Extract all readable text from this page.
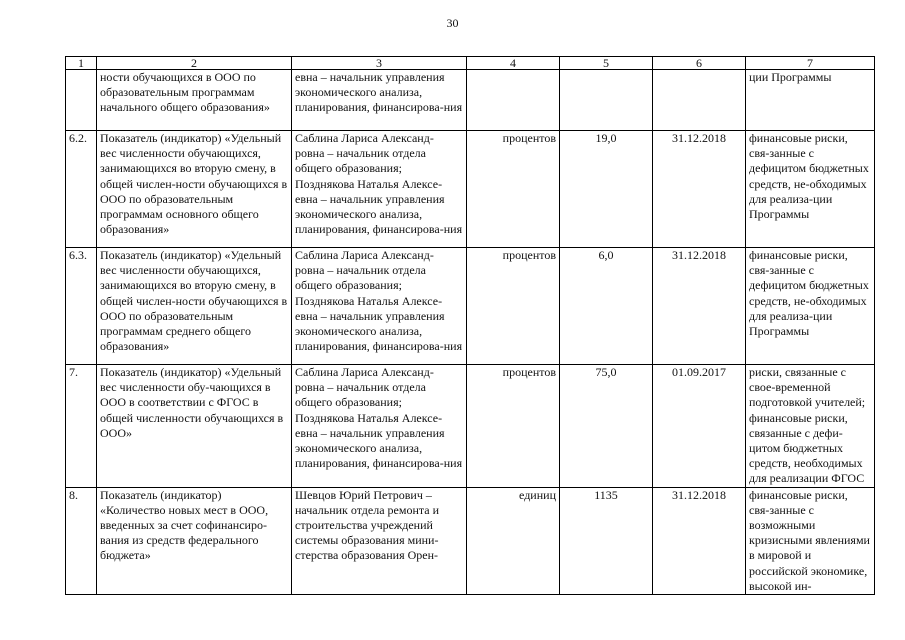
30
1	2	3	4	5	6	7
	ности обучающихся в ООО по образовательным программам начального общего образования»	евна – начальник управления экономического анализа, планирования, финансирова-ния				ции Программы
6.2.	Показатель (индикатор) «Удельный вес численности обучающихся, занимающихся во вторую смену, в общей числен-ности обучающихся в ООО по образовательным программам основного общего образования»	Саблина Лариса Александ-ровна – начальник отдела общего образования; Позднякова Наталья Алексе-евна – начальник управления экономического анализа, планирования, финансирова-ния	процентов	19,0	31.12.2018	финансовые риски, свя-занные с дефицитом бюджетных средств, не-обходимых для реализа-ции Программы
6.3.	Показатель (индикатор) «Удельный вес численности обучающихся, занимающихся во вторую смену, в общей числен-ности обучающихся в ООО по образовательным программам среднего общего образования»	Саблина Лариса Александ-ровна – начальник отдела общего образования; Позднякова Наталья Алексе-евна – начальник управления экономического анализа, планирования, финансирова-ния	процентов	6,0	31.12.2018	финансовые риски, свя-занные с дефицитом бюджетных средств, не-обходимых для реализа-ции Программы
7.	Показатель (индикатор) «Удельный вес численности обу-чающихся в ООО в соответствии с ФГОС в общей численности обучающихся в ООО»	Саблина Лариса Александ-ровна – начальник отдела общего образования; Позднякова Наталья Алексе-евна – начальник управления экономического анализа, планирования, финансирова-ния	процентов	75,0	01.09.2017	риски, связанные с свое-временной подготовкой учителей; финансовые риски, связанные с дефи-цитом бюджетных средств, необходимых для реализации ФГОС
8.	Показатель (индикатор) «Количество новых мест в ООО, введенных за счет софинансиро-вания из средств федерального бюджета»	Шевцов Юрий Петрович – начальник отдела ремонта и строительства учреждений системы образования мини-стерства образования Орен-	единиц	1135	31.12.2018	финансовые риски, свя-занные с возможными кризисными явлениями в мировой и российской экономике, высокой ин-
